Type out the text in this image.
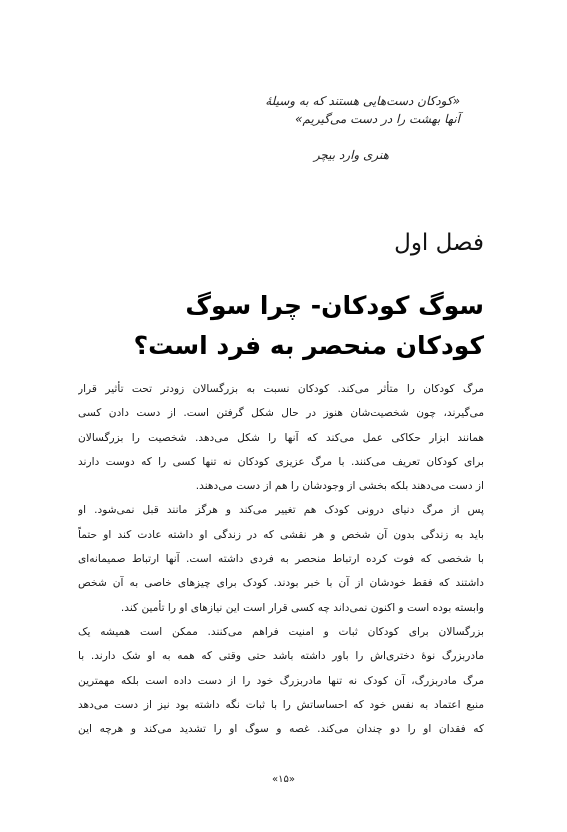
«کودکان دست‌هایی هستند که به وسیلهٔ
آنها بهشت را در دست می‌گیریم»
هنری وارد بیچر
فصل اول
سوگ کودکان- چرا سوگ
کودکان منحصر به فرد است؟
مرگ کودکان را متأثر می‌کند. کودکان نسبت به بزرگسالان زودتر تحت تأثیر قرار
می‌گیرند، چون شخصیت‌شان هنوز در حال شکل گرفتن است. از دست دادن کسی
همانند ابزار حکاکی عمل می‌کند که آنها را شکل می‌دهد. شخصیت را بزرگسالان
برای کودکان تعریف می‌کنند. با مرگ عزیزی کودکان نه تنها کسی را که دوست دارند
از دست می‌دهند بلکه بخشی از وجودشان را هم از دست می‌دهند.
پس از مرگ دنیای درونی کودک هم تغییر می‌کند و هرگز مانند قبل نمی‌شود. او
باید به زندگی بدون آن شخص و هر نقشی که در زندگی او داشته عادت کند او حتماً
با شخصی که فوت کرده ارتباط منحصر به فردی داشته است. آنها ارتباط صمیمانه‌ای
داشتند که فقط خودشان از آن با خبر بودند. کودک برای چیزهای خاصی به آن شخص
وابسته بوده است و اکنون نمی‌داند چه کسی قرار است این نیازهای او را تأمین کند.
بزرگسالان برای کودکان ثبات و امنیت فراهم می‌کنند. ممکن است همیشه یک
مادربزرگ نوهٔ دختری‌اش را باور داشته باشد حتی وقتی که همه به او شک دارند. با
مرگ مادربزرگ، آن کودک نه تنها مادربزرگ خود را از دست داده است بلکه مهمترین
منبع اعتماد به نفس خود که احساساتش را با ثبات نگه داشته بود نیز از دست می‌دهد
که فقدان او را دو چندان می‌کند. غصه و سوگ او را تشدید می‌کند و هرچه این
«۱۵»
